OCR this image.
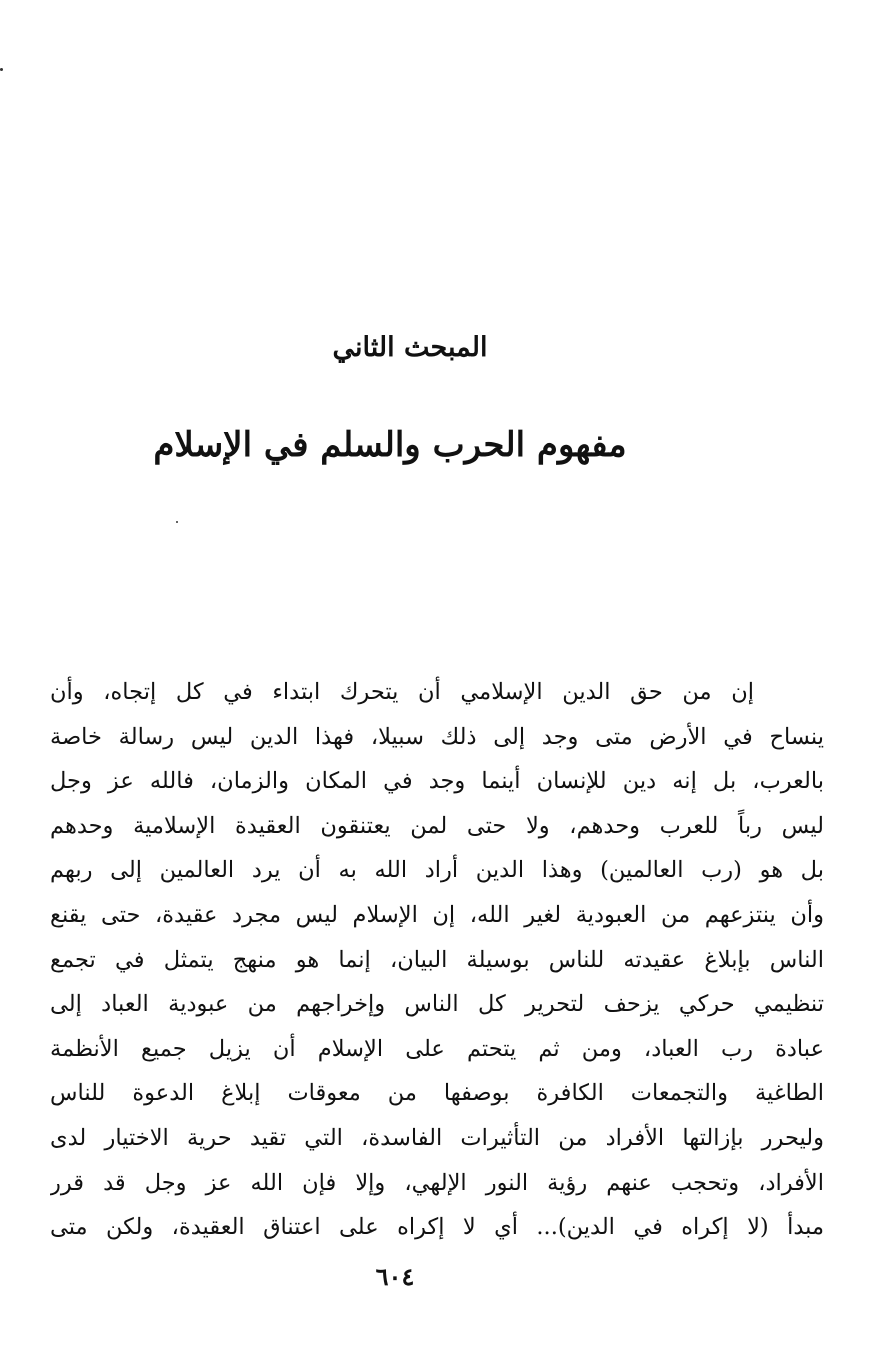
المبحث الثاني
مفهوم الحرب والسلم في الإسلام
إن من حق الدين الإسلامي أن يتحرك ابتداء في كل إتجاه، وأن
ينساح في الأرض متى وجد إلى ذلك سبيلا، فهذا الدين ليس رسالة خاصة
بالعرب، بل إنه دين للإنسان أينما وجد في المكان والزمان، فالله عز وجل
ليس رباً للعرب وحدهم، ولا حتى لمن يعتنقون العقيدة الإسلامية وحدهم
بل هو (رب العالمين) وهذا الدين أراد الله به أن يرد العالمين إلى ربهم
وأن ينتزعهم من العبودية لغير الله، إن الإسلام ليس مجرد عقيدة، حتى يقنع
الناس بإبلاغ عقيدته للناس بوسيلة البيان، إنما هو منهج يتمثل في تجمع
تنظيمي حركي يزحف لتحرير كل الناس وإخراجهم من عبودية العباد إلى
عبادة رب العباد، ومن ثم يتحتم على الإسلام أن يزيل جميع الأنظمة
الطاغية والتجمعات الكافرة بوصفها من معوقات إبلاغ الدعوة للناس
وليحرر بإزالتها الأفراد من التأثيرات الفاسدة، التي تقيد حرية الاختيار لدى
الأفراد، وتحجب عنهم رؤية النور الإلهي، وإلا فإن الله عز وجل قد قرر
مبدأ (لا إكراه في الدين)... أي لا إكراه على اعتناق العقيدة، ولكن متى
٦٠٤
